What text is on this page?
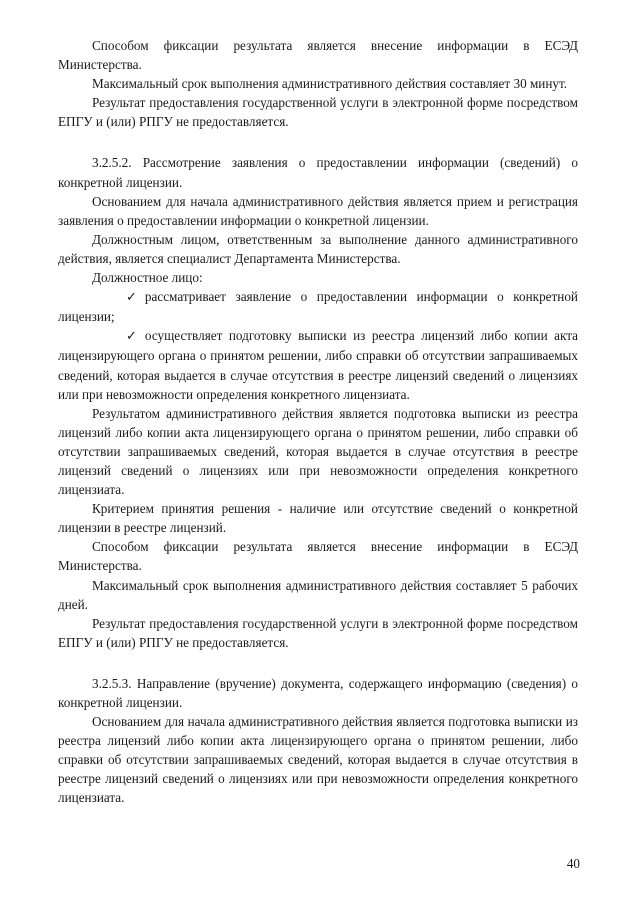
Способом фиксации результата является внесение информации в ЕСЭД Министерства.

Максимальный срок выполнения административного действия составляет 30 минут.

Результат предоставления государственной услуги в электронной форме посредством ЕПГУ и (или) РПГУ не предоставляется.

3.2.5.2. Рассмотрение заявления о предоставлении информации (сведений) о конкретной лицензии.

Основанием для начала административного действия является прием и регистрация заявления о предоставлении информации о конкретной лицензии.

Должностным лицом, ответственным за выполнение данного административного действия, является специалист Департамента Министерства.

Должностное лицо:

✓ рассматривает заявление о предоставлении информации о конкретной лицензии;

✓ осуществляет подготовку выписки из реестра лицензий либо копии акта лицензирующего органа о принятом решении, либо справки об отсутствии запрашиваемых сведений, которая выдается в случае отсутствия в реестре лицензий сведений о лицензиях или при невозможности определения конкретного лицензиата.

Результатом административного действия является подготовка выписки из реестра лицензий либо копии акта лицензирующего органа о принятом решении, либо справки об отсутствии запрашиваемых сведений, которая выдается в случае отсутствия в реестре лицензий сведений о лицензиях или при невозможности определения конкретного лицензиата.

Критерием принятия решения - наличие или отсутствие сведений о конкретной лицензии в реестре лицензий.

Способом фиксации результата является внесение информации в ЕСЭД Министерства.

Максимальный срок выполнения административного действия составляет 5 рабочих дней.

Результат предоставления государственной услуги в электронной форме посредством ЕПГУ и (или) РПГУ не предоставляется.

3.2.5.3. Направление (вручение) документа, содержащего информацию (сведения) о конкретной лицензии.

Основанием для начала административного действия является подготовка выписки из реестра лицензий либо копии акта лицензирующего органа о принятом решении, либо справки об отсутствии запрашиваемых сведений, которая выдается в случае отсутствия в реестре лицензий сведений о лицензиях или при невозможности определения конкретного лицензиата.

40
